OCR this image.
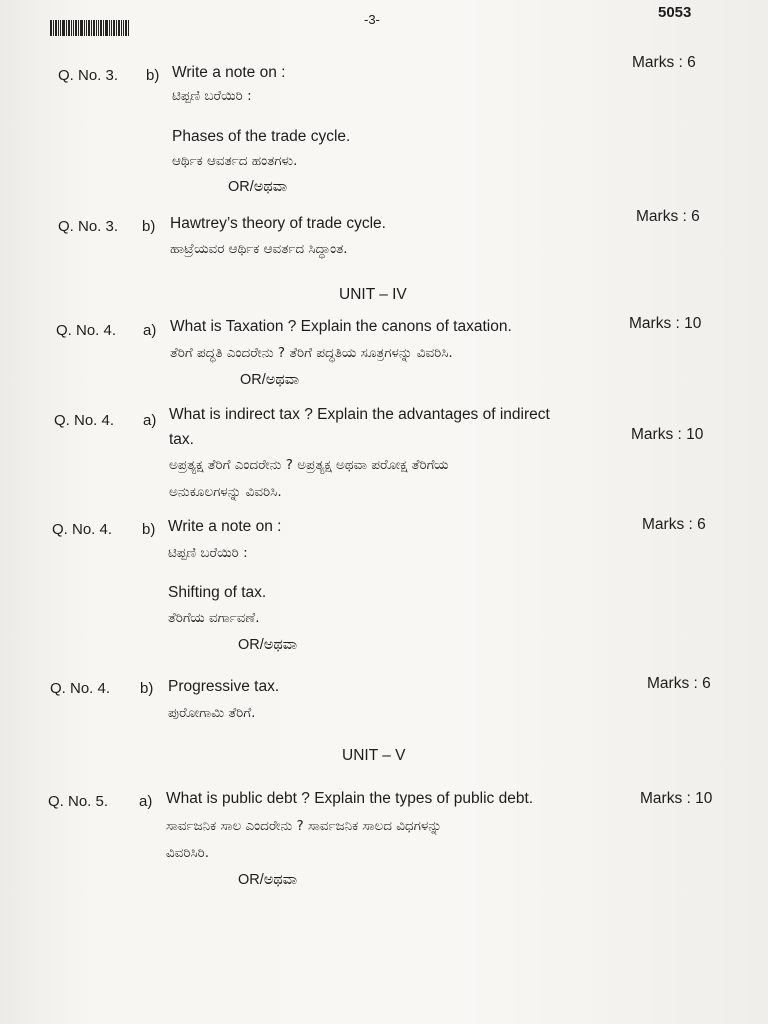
-3-	5053
Q. No. 3. b)
Marks : 6
Write a note on :
ಟಿಪ್ಪಣಿ ಬರೆಯಿರಿ :
Phases of the trade cycle.
ಆರ್ಥಿಕ ಆವರ್ತದ ಹಂತಗಳು.
OR/ಅಥವಾ
Q. No. 3. b)
Marks : 6
Hawtrey’s theory of trade cycle.
ಹಾಟ್ರೆಯವರ ಆರ್ಥಿಕ ಆವರ್ತದ ಸಿದ್ಧಾಂತ.
UNIT – IV
Q. No. 4. a)	Marks : 10
What is Taxation ? Explain the canons of taxation.
ತೆರಿಗೆ ಪದ್ಧತಿ ಎಂದರೇನು ? ತೆರಿಗೆ ಪದ್ಧತಿಯ ಸೂತ್ರಗಳನ್ನು ವಿವರಿಸಿ.
OR/ಅಥವಾ
Q. No. 4. a)
Marks : 10
What is indirect tax ? Explain the advantages of indirect
tax.
ಅಪ್ರತ್ಯಕ್ಷ ತೆರಿಗೆ ಎಂದರೇನು ? ಅಪ್ರತ್ಯಕ್ಷ ಅಥವಾ ಪರೋಕ್ಷ ತೆರಿಗೆಯ
ಅನುಕೂಲಗಳನ್ನು ವಿವರಿಸಿ.
Q. No. 4. b)	Marks : 6
Write a note on :
ಟಿಪ್ಪಣಿ ಬರೆಯಿರಿ :
Shifting of tax.
ತೆರಿಗೆಯ ವರ್ಗಾವಣೆ.
OR/ಅಥವಾ
Q. No. 4. b)	Marks : 6
Progressive tax.
ಪುರೋಗಾಮಿ ತೆರಿಗೆ.
UNIT – V
Q. No. 5. a)	Marks : 10
What is public debt ? Explain the types of public debt.
ಸಾರ್ವಜನಿಕ ಸಾಲ ಎಂದರೇನು ? ಸಾರ್ವಜನಿಕ ಸಾಲದ ವಿಧಗಳನ್ನು
ವಿವರಿಸಿರಿ.
OR/ಅಥವಾ
